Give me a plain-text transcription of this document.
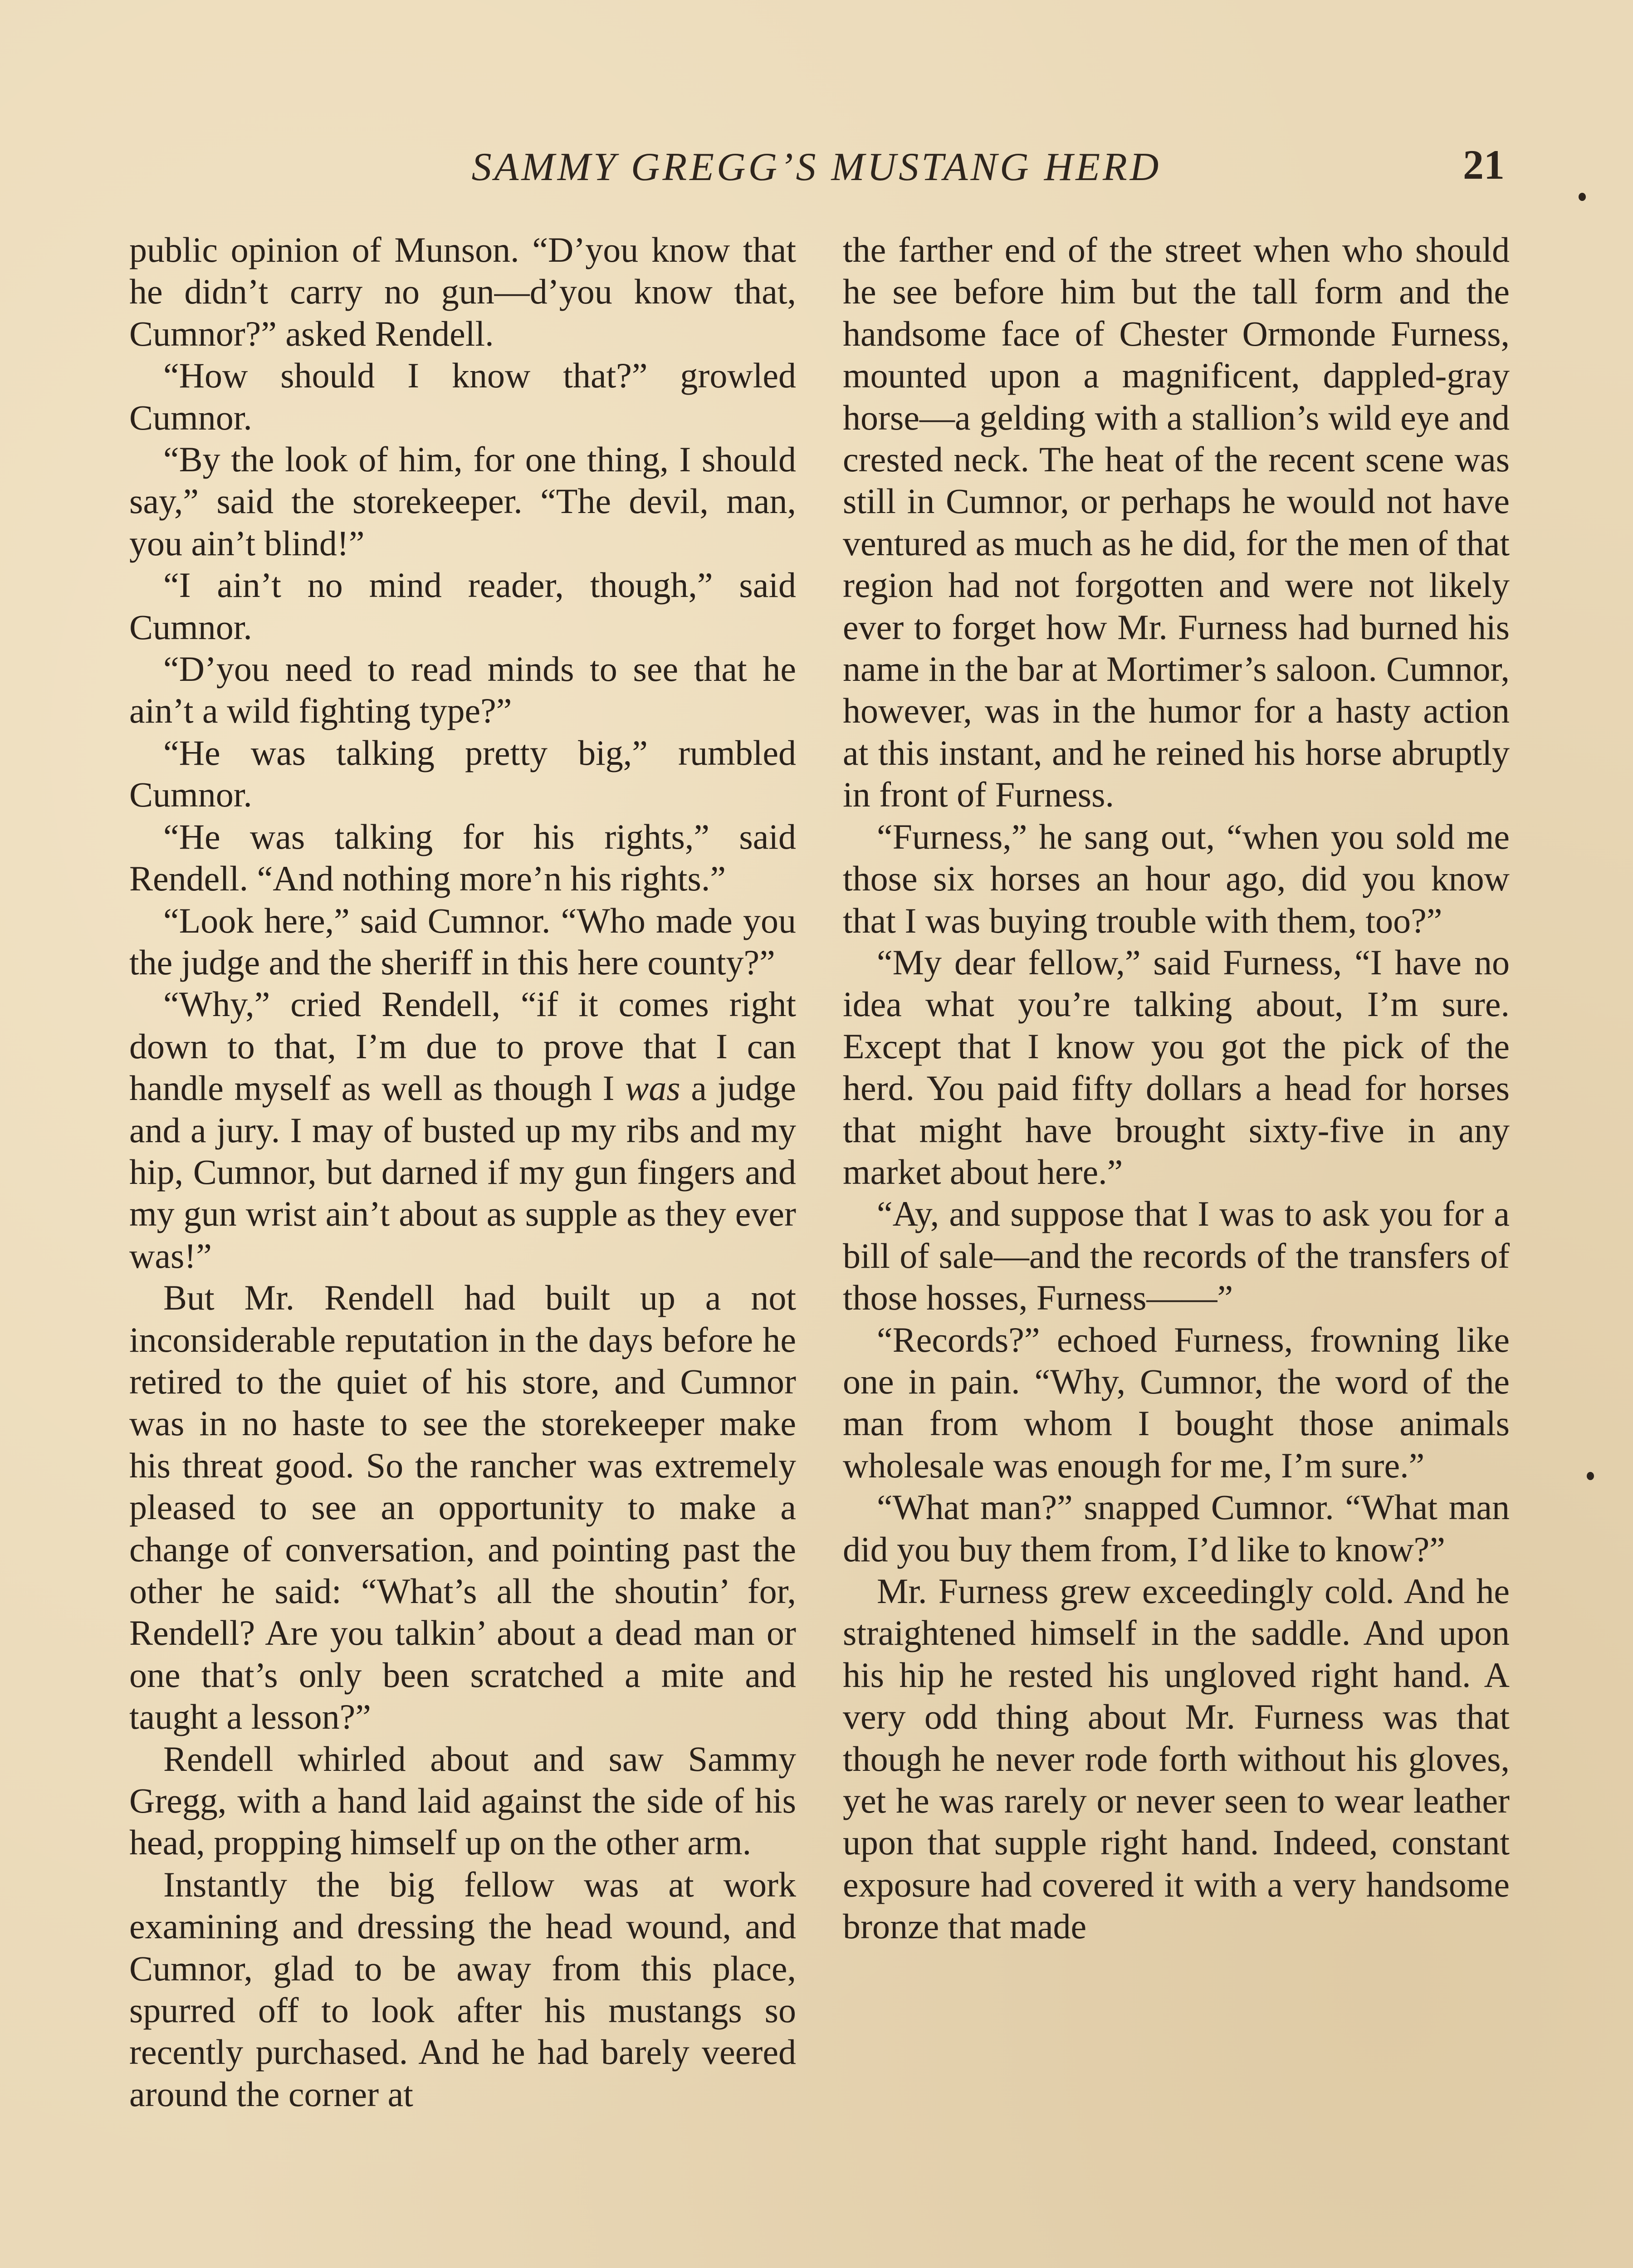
SAMMY GREGG’S MUSTANG HERD	21

public opinion of Munson. “D’you know that he didn’t carry no gun—d’you know that, Cumnor?” asked Rendell.

“How should I know that?” growled Cumnor.

“By the look of him, for one thing, I should say,” said the storekeeper. “The devil, man, you ain’t blind!”

“I ain’t no mind reader, though,” said Cumnor.

“D’you need to read minds to see that he ain’t a wild fighting type?”

“He was talking pretty big,” rumbled Cumnor.

“He was talking for his rights,” said Rendell. “And nothing more’n his rights.”

“Look here,” said Cumnor. “Who made you the judge and the sheriff in this here county?”

“Why,” cried Rendell, “if it comes right down to that, I’m due to prove that I can handle myself as well as though I was a judge and a jury. I may of busted up my ribs and my hip, Cumnor, but darned if my gun fingers and my gun wrist ain’t about as supple as they ever was!”

But Mr. Rendell had built up a not inconsiderable reputation in the days before he retired to the quiet of his store, and Cumnor was in no haste to see the storekeeper make his threat good. So the rancher was extremely pleased to see an opportunity to make a change of conversation, and pointing past the other he said: “What’s all the shoutin’ for, Rendell? Are you talkin’ about a dead man or one that’s only been scratched a mite and taught a lesson?”

Rendell whirled about and saw Sammy Gregg, with a hand laid against the side of his head, propping himself up on the other arm.

Instantly the big fellow was at work examining and dressing the head wound, and Cumnor, glad to be away from this place, spurred off to look after his mustangs so recently purchased. And he had barely veered around the corner at

the farther end of the street when who should he see before him but the tall form and the handsome face of Chester Ormonde Furness, mounted upon a magnificent, dappled-gray horse—a gelding with a stallion’s wild eye and crested neck. The heat of the recent scene was still in Cumnor, or perhaps he would not have ventured as much as he did, for the men of that region had not forgotten and were not likely ever to forget how Mr. Furness had burned his name in the bar at Mortimer’s saloon. Cumnor, however, was in the humor for a hasty action at this instant, and he reined his horse abruptly in front of Furness.

“Furness,” he sang out, “when you sold me those six horses an hour ago, did you know that I was buying trouble with them, too?”

“My dear fellow,” said Furness, “I have no idea what you’re talking about, I’m sure. Except that I know you got the pick of the herd. You paid fifty dollars a head for horses that might have brought sixty-five in any market about here.”

“Ay, and suppose that I was to ask you for a bill of sale—and the records of the transfers of those hosses, Furness——”

“Records?” echoed Furness, frowning like one in pain. “Why, Cumnor, the word of the man from whom I bought those animals wholesale was enough for me, I’m sure.”

“What man?” snapped Cumnor. “What man did you buy them from, I’d like to know?”

Mr. Furness grew exceedingly cold. And he straightened himself in the saddle. And upon his hip he rested his ungloved right hand. A very odd thing about Mr. Furness was that though he never rode forth without his gloves, yet he was rarely or never seen to wear leather upon that supple right hand. Indeed, constant exposure had covered it with a very handsome bronze that made
